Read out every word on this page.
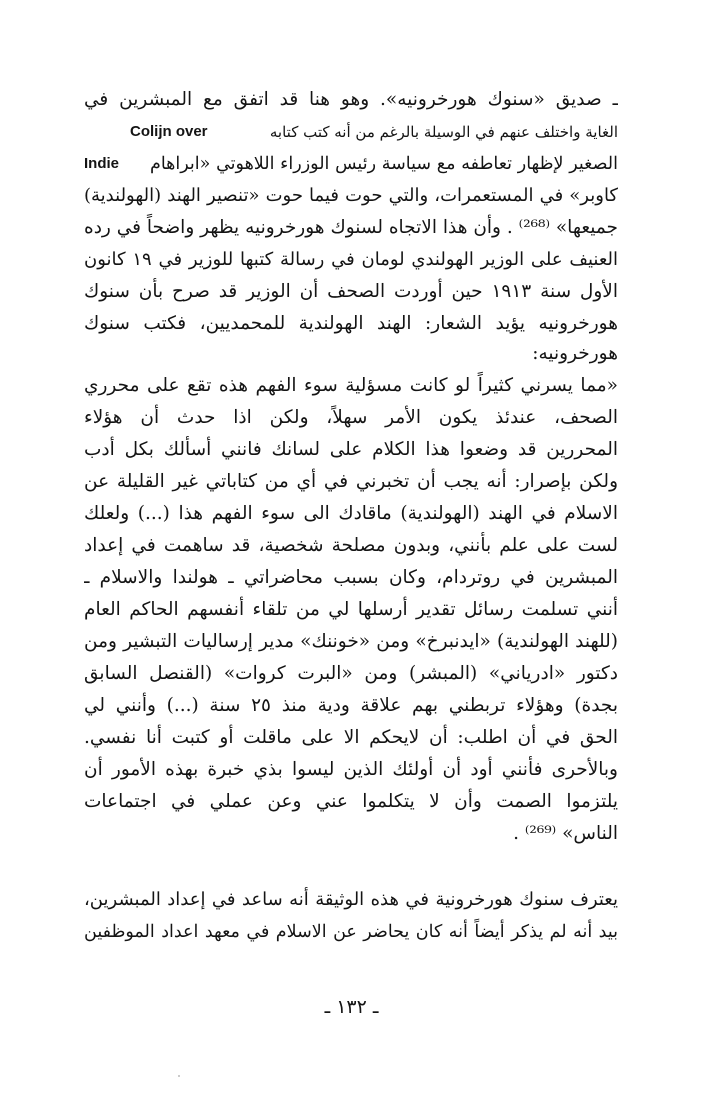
ـ صديق «سنوك هورخرونيه». وهو هنا قد اتفق مع المبشرين في
الغاية واختلف عنهم في الوسيلة بالرغم من أنه كتب كتابه
Colijn over
الصغير لإظهار تعاطفه مع سياسة رئيس الوزراء اللاهوتي «ابراهام
Indie
كاوبر» في المستعمرات، والتي حوت فيما حوت «تنصير الهند (الهولندية)
جميعها» ⁽²⁶⁸⁾ . وأن هذا الاتجاه لسنوك هورخرونيه يظهر واضحاً في رده
العنيف على الوزير الهولندي لومان في رسالة كتبها للوزير في ١٩ كانون
الأول سنة ١٩١٣ حين أوردت الصحف أن الوزير قد صرح بأن سنوك
هورخرونيه يؤيد الشعار: الهند الهولندية للمحمديين، فكتب سنوك
هورخرونيه:
«مما يسرني كثيراً لو كانت مسؤلية سوء الفهم هذه تقع على محرري
الصحف، عندئذ يكون الأمر سهلاً، ولكن اذا حدث أن هؤلاء
المحررين قد وضعوا هذا الكلام على لسانك فانني أسألك بكل أدب
ولكن بإصرار: أنه يجب أن تخبرني في أي من كتاباتي غير القليلة عن
الاسلام في الهند (الهولندية) ماقادك الى سوء الفهم هذا (...) ولعلك
لست على علم بأنني، وبدون مصلحة شخصية، قد ساهمت في إعداد
المبشرين في روتردام، وكان بسبب محاضراتي ـ هولندا والاسلام ـ
أنني تسلمت رسائل تقدير أرسلها لي من تلقاء أنفسهم الحاكم العام
(للهند الهولندية) «ايدنبرخ» ومن «خوننك» مدير إرساليات التبشير ومن
دكتور «ادرياني» (المبشر) ومن «البرت كروات» (القنصل السابق
بجدة) وهؤلاء تربطني بهم علاقة ودية منذ ٢٥ سنة (...) وأنني لي
الحق في أن اطلب: أن لايحكم الا على ماقلت أو كتبت أنا نفسي.
وبالأحرى فأنني أود أن أولئك الذين ليسوا بذي خبرة بهذه الأمور أن
يلتزموا الصمت وأن لا يتكلموا عني وعن عملي في اجتماعات
الناس» ⁽²⁶⁹⁾ .
يعترف سنوك هورخرونية في هذه الوثيقة أنه ساعد في إعداد المبشرين،
بيد أنه لم يذكر أيضاً أنه كان يحاضر عن الاسلام في معهد اعداد الموظفين
ـ ١٣٢ ـ
